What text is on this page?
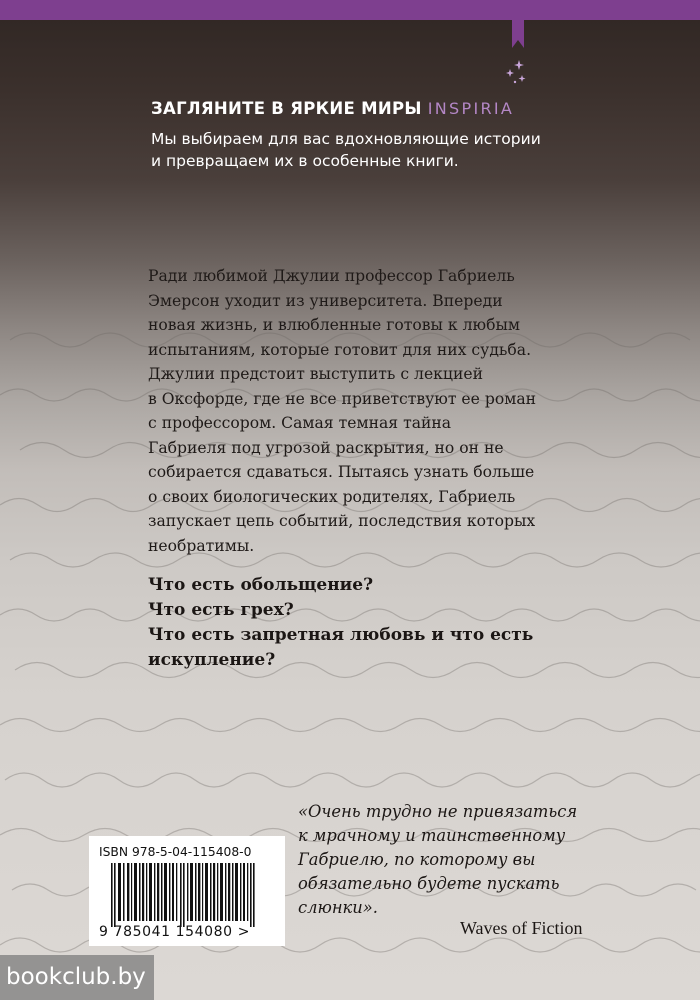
ЗАГЛЯНИТЕ В ЯРКИЕ МИРЫ INSPIRIA
Мы выбираем для вас вдохновляющие истории
и превращаем их в особенные книги.
Ради любимой Джулии профессор Габриель
Эмерсон уходит из университета. Впереди
новая жизнь, и влюбленные готовы к любым
испытаниям, которые готовит для них судьба.
Джулии предстоит выступить с лекцией
в Оксфорде, где не все приветствуют ее роман
с профессором. Самая темная тайна
Габриеля под угрозой раскрытия, но он не
собирается сдаваться. Пытаясь узнать больше
о своих биологических родителях, Габриель
запускает цепь событий, последствия которых
необратимы.
Что есть обольщение?
Что есть грех?
Что есть запретная любовь и что есть
искупление?
«Очень трудно не привязаться
к мрачному и таинственному
Габриелю, по которому вы
обязательно будете пускать
слюнки».
Waves of Fiction
ISBN 978-5-04-115408-0
9 785041 154080 >
bookclub.by
